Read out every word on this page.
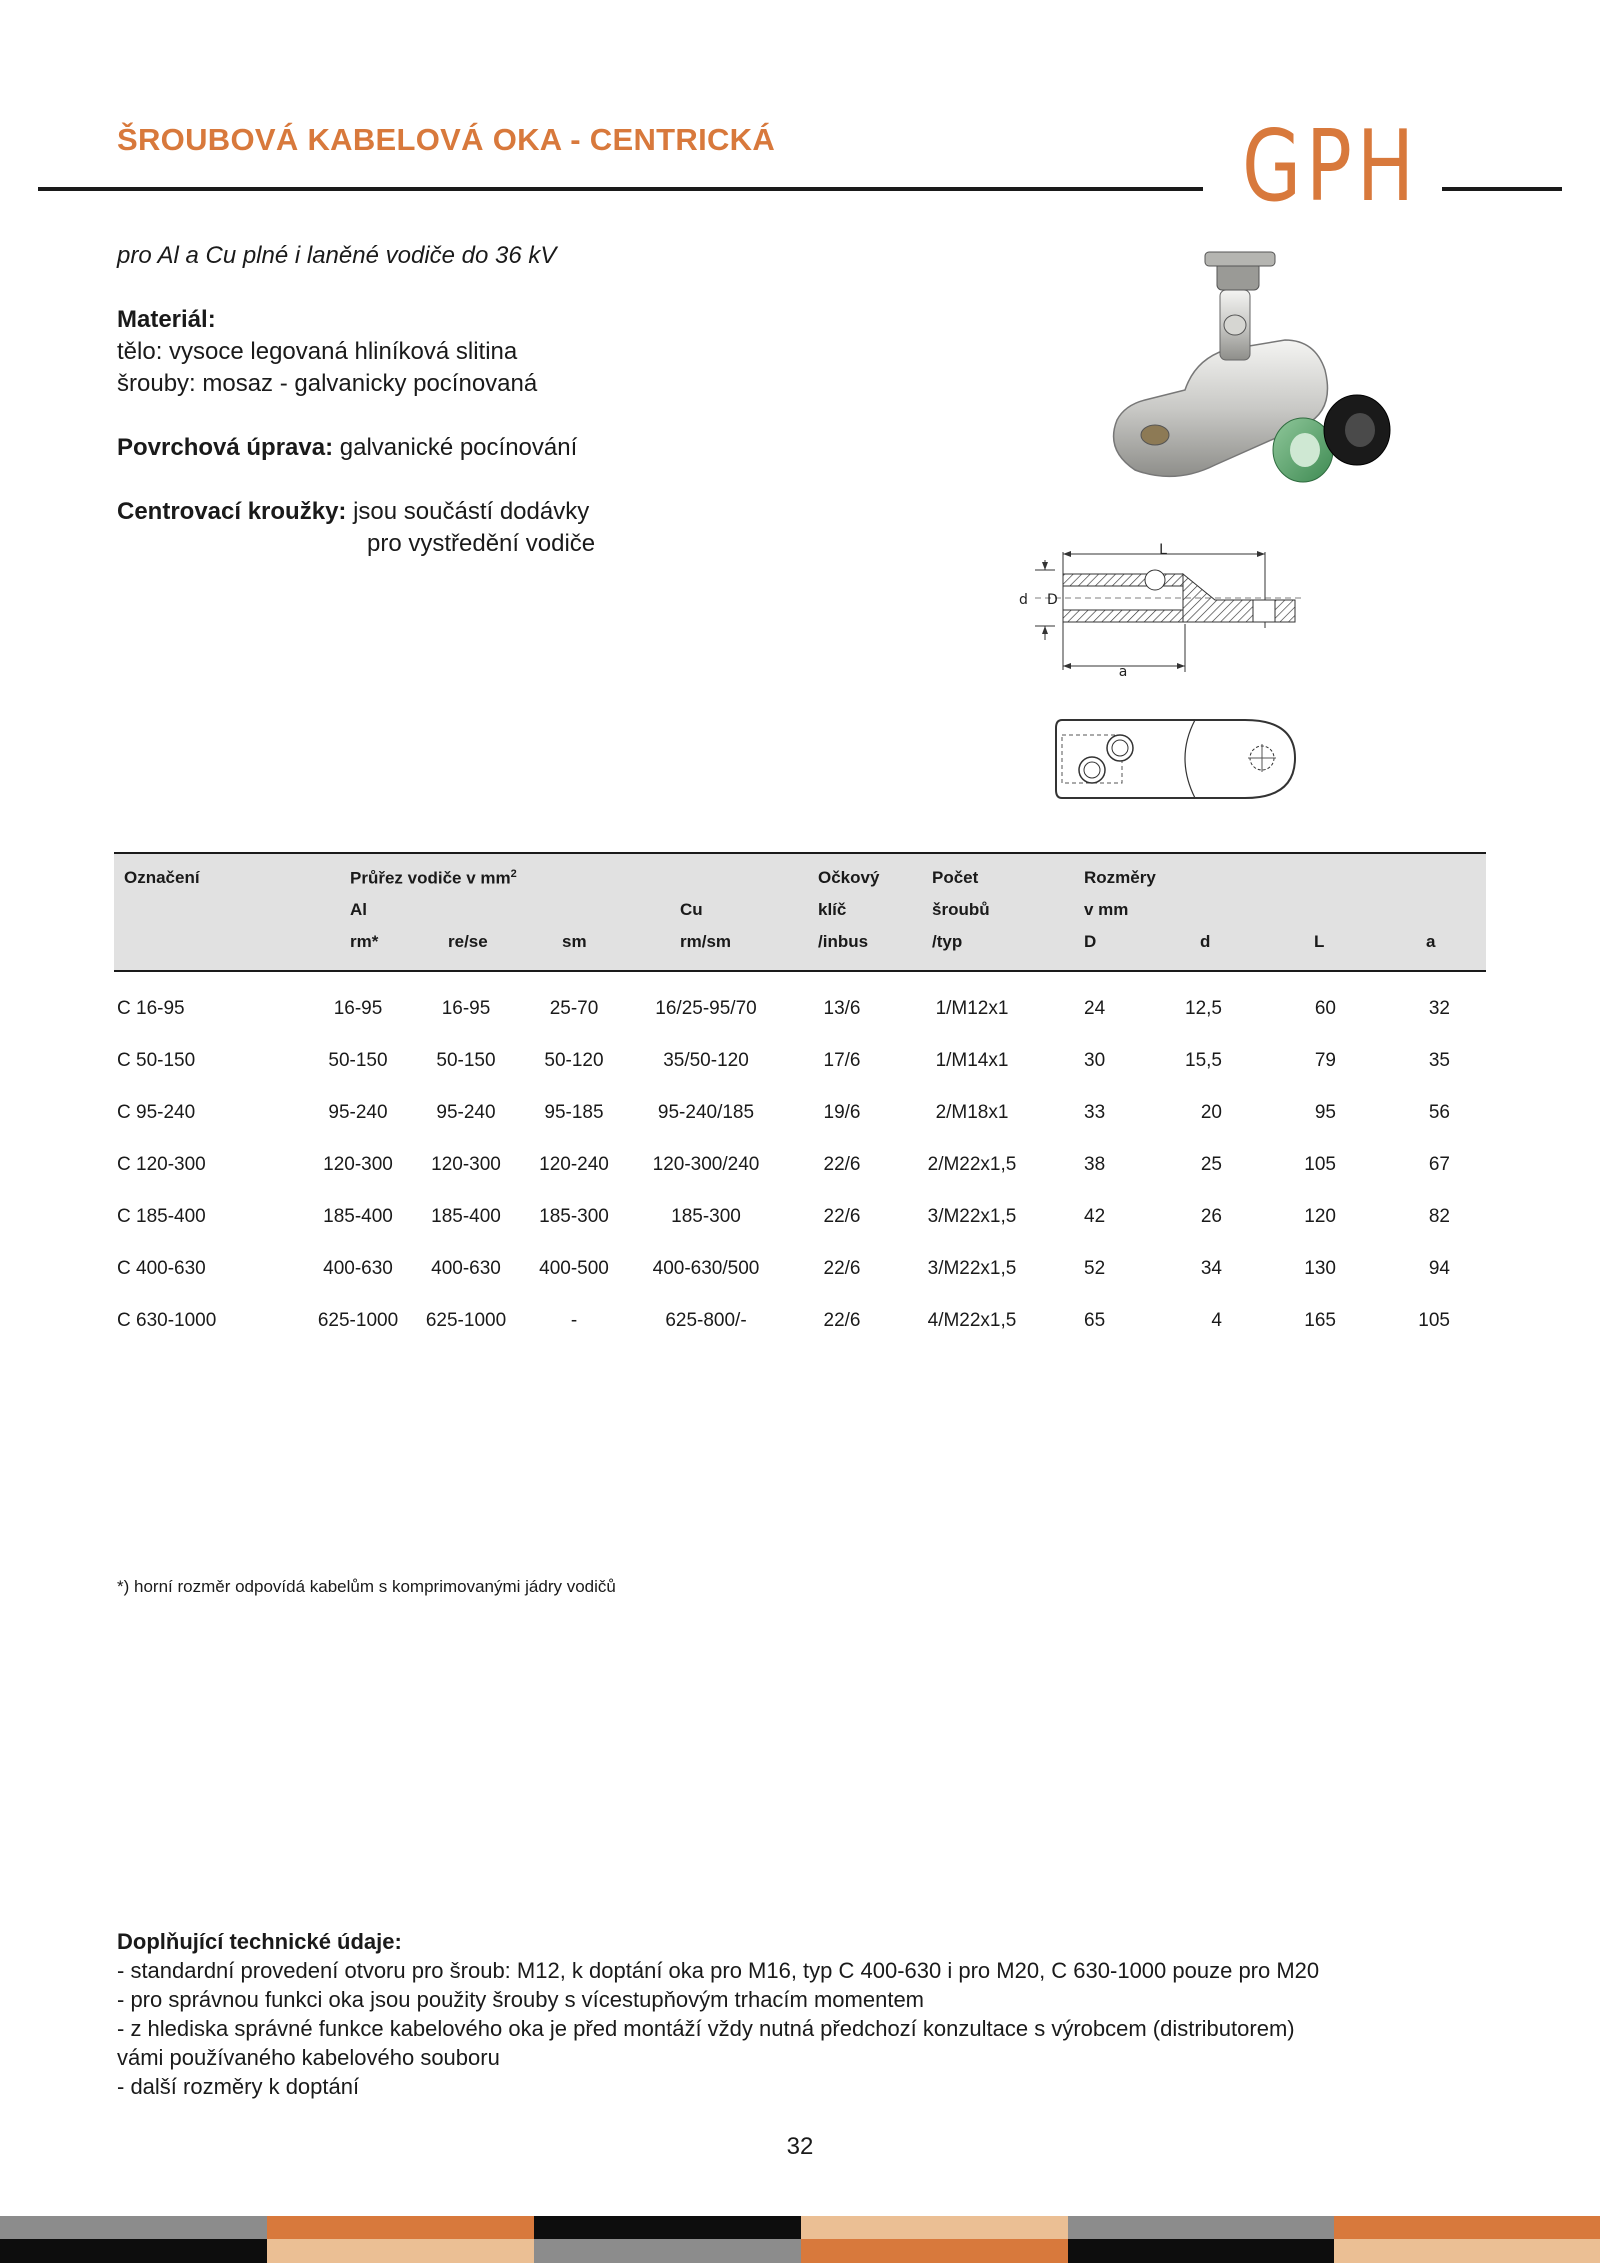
ŠROUBOVÁ KABELOVÁ OKA - CENTRICKÁ	GPH

pro Al a Cu plné i laněné vodiče do 36 kV

Materiál:

tělo: vysoce legovaná hliníková slitina

šrouby: mosaz - galvanicky pocínovaná

Povrchová úprava: galvanické pocínování

Centrovací kroužky: jsou součástí dodávky

pro vystředění vodiče	L
d D
a
Označení	Průřez vodiče v $mm^2$
Al	Cu
rm*	re/se	sm	rm/sm
Očkový
klíč
/inbus
Počet
šroubů
/typ
Rozměry
v mm
D	d	L	a
C 16-95	16-95	16-95	25-70	16/25-95/70	13/6	1/M12x1	24	12,5	60	32
C 50-150	50-150	50-150	50-120	35/50-120	17/6	1/M14x1	30	15,5	79	35
C 95-240	95-240	95-240	95-185	95-240/185	19/6	2/M18x1	33	20	95	56
C 120-300	120-300	120-300	120-240	120-300/240	22/6	2/M22x1,5	38	25	105	67
C 185-400	185-400	185-400	185-300	185-300	22/6	3/M22x1,5	42	26	120	82
C 400-630	400-630	400-630	400-500	400-630/500	22/6	3/M22x1,5	52	34	130	94
C 630-1000	625-1000	625-1000	-	625-800/-	22/6	4/M22x1,5	65	4	165	105
*) horní rozměr odpovídá kabelům s komprimovanými jádry vodičů

Doplňující technické údaje:

- standardní provedení otvoru pro šroub: M12, k doptání oka pro M16, typ C 400-630 i pro M20, C 630-1000 pouze pro M20

- pro správnou funkci oka jsou použity šrouby s vícestupňovým trhacím momentem

- z hlediska správné funkce kabelového oka je před montáží vždy nutná předchozí konzultace s výrobcem (distributorem)

vámi používaného kabelového souboru

- další rozměry k doptání

32
